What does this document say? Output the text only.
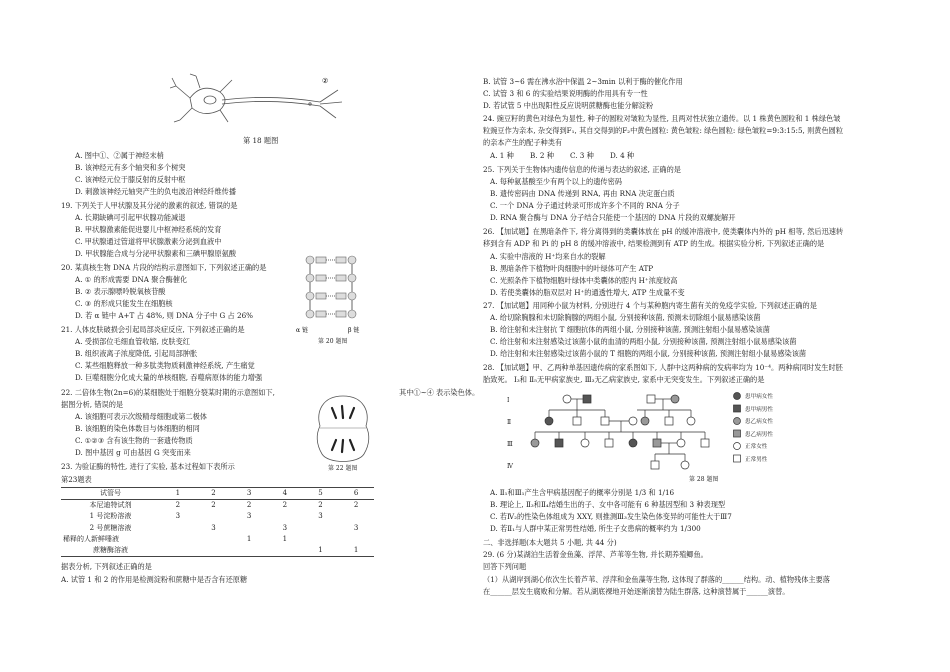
②
第 18 题图
A. 图中①、②属于神经末梢
B. 该神经元有多个轴突和多个树突
C. 该神经元位于膝反射的反射中枢
D. 刺激该神经元轴突产生的负电波沿神经纤维传播
19. 下列关于人甲状腺及其分泌的激素的叙述, 错误的是
A. 长期缺碘可引起甲状腺功能减退
B. 甲状腺激素能促进婴儿中枢神经系统的发育
C. 甲状腺通过管道将甲状腺激素分泌到血液中
D. 甲状腺能合成与分泌甲状腺素和三碘甲腺原氨酸
20. 某真核生物 DNA 片段的结构示意图如下, 下列叙述正确的是
A. ① 的形成需要 DNA 聚合酶催化
B. ② 表示腺嘌呤脱氧核苷酸
C. ③ 的形成只能发生在细胞核
D. 若 α 链中 A+T 占 48%, 则 DNA 分子中 G 占 26%
α 链	β 链
第 20 题图
21. 人体皮肤破损会引起局部炎症反应, 下列叙述正确的是
A. 受损部位毛细血管收缩, 皮肤变红
B. 组织液离子浓度降低, 引起局部肿胀
C. 某些细胞释放一种多肽类物质刺激神经系统, 产生痛觉
D. 巨噬细胞分化成大量的单核细胞, 吞噬病原体的能力增强
22. 二倍体生物(2n=6)的某细胞处于细胞分裂某时期的示意图如下,	其中①~④ 表示染色体。
据图分析, 错误的是
A. 该细胞可表示次级精母细胞或第二极体
B. 该细胞的染色体数目与体细胞的相同
C. ①②③ 含有该生物的一套遗传物质
D. 图中基因 g 可由基因 G 突变而来
第 22 题图
23. 为验证酶的特性, 进行了实验, 基本过程如下表所示
第23题表
试管号	1	2	3	4	5	6
本尼迪特试剂	2	2	2	2	2	2
1 号淀粉溶液	3		3		3	
2 号蔗糖溶液		3		3		3
稀释的人新鲜唾液			1	1		
蔗糖酶溶液					1	1
据表分析, 下列叙述正确的是
A. 试管 1 和 2 的作用是检测淀粉和蔗糖中是否含有还原糖
B. 试管 3~6 需在沸水浴中保温 2~3min 以利于酶的催化作用
C. 试管 3 和 6 的实验结果说明酶的作用具有专一性
D. 若试管 5 中出现阳性反应说明蔗糖酶也能分解淀粉
24. 豌豆籽的黄色对绿色为显性, 种子的圆粒对皱粒为显性, 且两对性状独立遗传。以 1 株黄色圆粒和 1 株绿色皱
粒豌豆作为亲本, 杂交得到F₁, 其自交得到的F₂中黄色圆粒: 黄色皱粒: 绿色圆粒: 绿色皱粒=9:3:15:5, 则黄色圆粒
的亲本产生的配子种类有
A. 1 种 B. 2 种 C. 3 种 D. 4 种
25. 下列关于生物体内遗传信息的传递与表达的叙述, 正确的是
A. 每种氨基酸至少有两个以上的遗传密码
B. 遗传密码由 DNA 传递到 RNA, 再由 RNA 决定蛋白质
C. 一个 DNA 分子通过转录可形成许多个不同的 RNA 分子
D. RNA 聚合酶与 DNA 分子结合只能使一个基因的 DNA 片段的双螺旋解开
26. 【加试题】在黑暗条件下, 将分离得到的类囊体放在 pH 的缓冲溶液中, 使类囊体内外的 pH 相等, 然后迅速转
移到含有 ADP 和 Pi 的 pH 8 的缓冲溶液中, 结果检测到有 ATP 的生成。根据实验分析, 下列叙述正确的是
A. 实验中溶液的 H⁺均来自水的裂解
B. 黑暗条件下植物叶肉细胞中的叶绿体可产生 ATP
C. 光照条件下植物细胞叶绿体中类囊体的腔内 H⁺浓度较高
D. 若使类囊体的脂双层对 H⁺的通透性增大, ATP 生成量不变
27. 【加试题】用同种小鼠为材料, 分别进行 4 个与某种胞内寄生菌有关的免疫学实验, 下列叙述正确的是
A. 给切除胸腺和未切除胸腺的两组小鼠, 分别接种该菌, 预测未切除组小鼠易感染该菌
B. 给注射和未注射抗 T 细胞抗体的两组小鼠, 分别接种该菌, 预测注射组小鼠易感染该菌
C. 给注射和未注射感染过该菌小鼠的血清的两组小鼠, 分别接种该菌, 预测注射组小鼠易感染该菌
D. 给注射和未注射感染过该菌小鼠的 T 细胞的两组小鼠, 分别接种该菌, 预测注射组小鼠易感染该菌
28. 【加试题】甲、乙两种单基因遗传病的家系图如下, 人群中这两种病的发病率均为 10⁻⁴。两种病同时发生时胚
胎致死。 Ⅰ₃和 Ⅱ₅无甲病家族史, Ⅲ₃无乙病家族史, 家系中无突变发生。下列叙述正确的是
Ⅰ
Ⅱ
Ⅲ
Ⅳ
患甲病女性
患甲病男性
患乙病女性
患乙病男性
正常女性
正常男性
第 28 题图
A. Ⅱ₁和Ⅲ₁产生含甲病基因配子的概率分别是 1/3 和 1/16
B. 理论上, Ⅱ₃和Ⅱ₄结婚生出的子、女中各可能有 6 种基因型和 3 种表现型
C. 若Ⅳ₂的性染色体组成为 XXY, 则推测Ⅲ₃发生染色体变异的可能性大于Ⅲ7
D. 若Ⅱ₁与人群中某正常男性结婚, 所生子女患病的概率约为 1/300
二、非选择题(本大题共 5 小题, 共 44 分)
29. (6 分)某湖泊生活着金鱼藻、浮萍、芦苇等生物, 并长期养殖鲫鱼。
回答下列问题
（1）从湖岸到湖心依次生长着芦苇、浮萍和金鱼藻等生物, 这体现了群落的______结构。动、植物残体主要落
在______层发生腐败和分解。若从湖底裸地开始逐渐演替为陆生群落, 这种演替属于______演替。
